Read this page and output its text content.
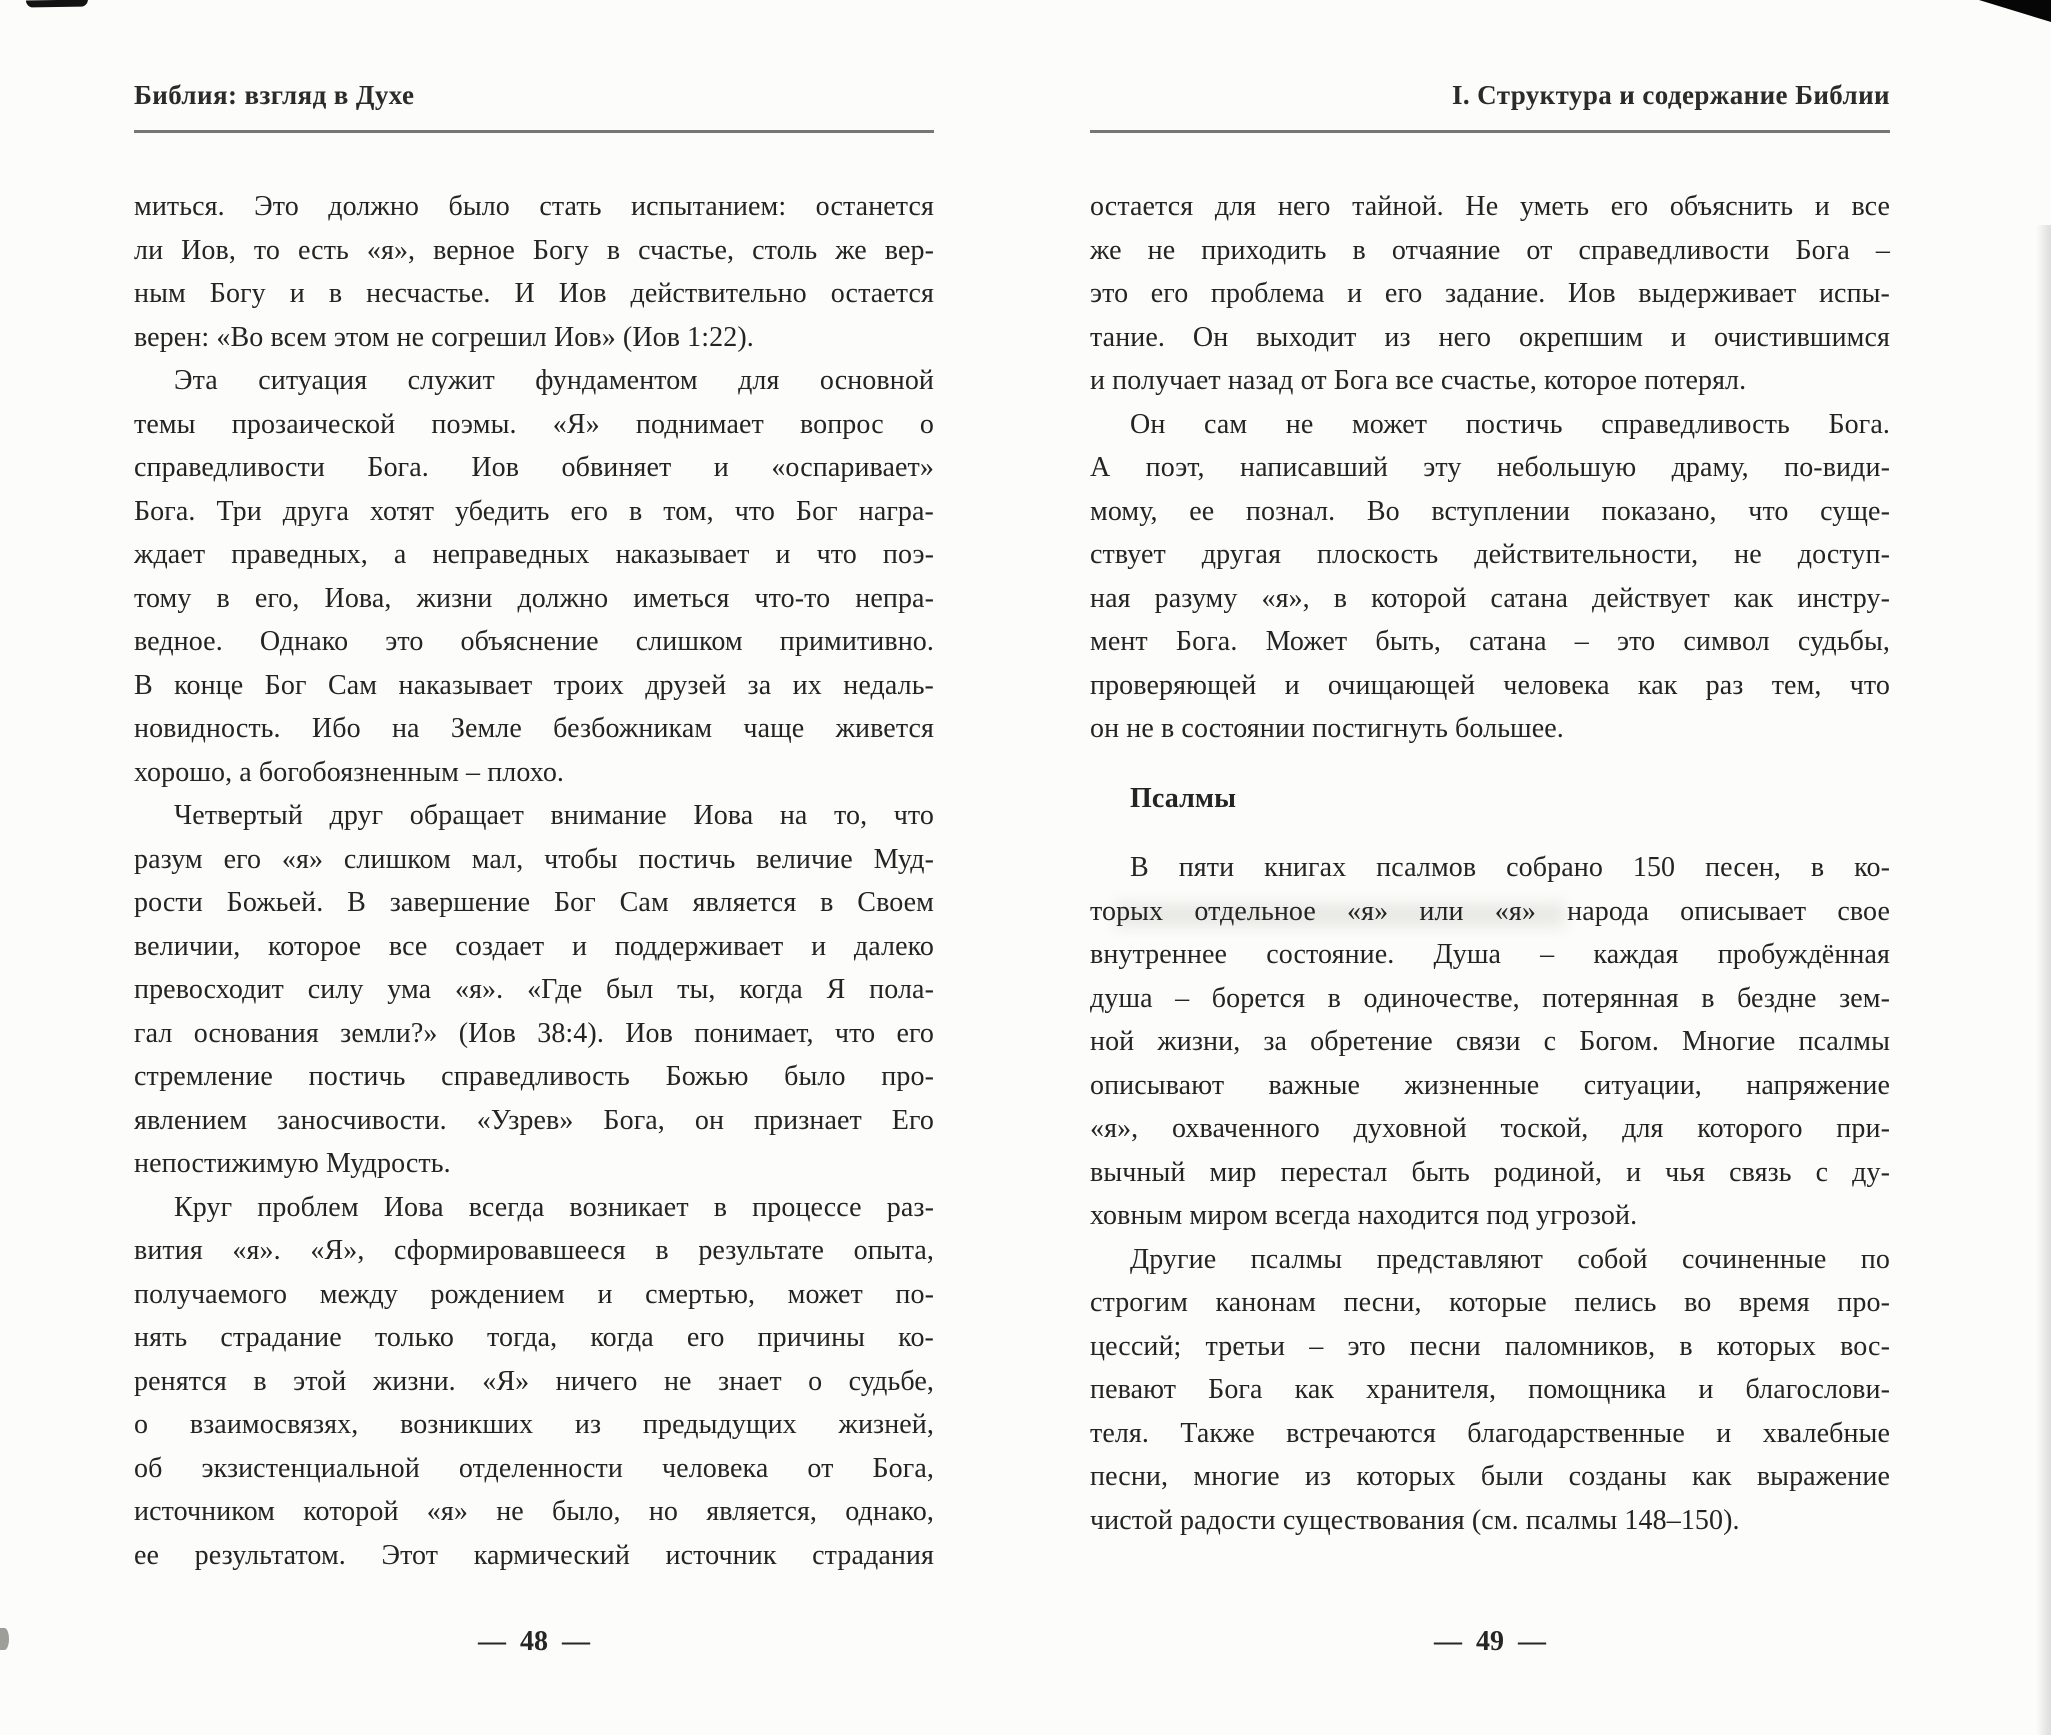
Библия: взгляд в Духе
миться. Это должно было стать испытанием: останется
ли Иов, то есть «я», верное Богу в счастье, столь же вер-
ным Богу и в несчастье. И Иов действительно остается
верен: «Во всем этом не согрешил Иов» (Иов 1:22).
Эта ситуация служит фундаментом для основной
темы прозаической поэмы. «Я» поднимает вопрос о
справедливости Бога. Иов обвиняет и «оспаривает»
Бога. Три друга хотят убедить его в том, что Бог награ-
ждает праведных, а неправедных наказывает и что поэ-
тому в его, Иова, жизни должно иметься что-то непра-
ведное. Однако это объяснение слишком примитивно.
В конце Бог Сам наказывает троих друзей за их недаль-
новидность. Ибо на Земле безбожникам чаще живется
хорошо, а богобоязненным – плохо.
Четвертый друг обращает внимание Иова на то, что
разум его «я» слишком мал, чтобы постичь величие Муд-
рости Божьей. В завершение Бог Сам является в Своем
величии, которое все создает и поддерживает и далеко
превосходит силу ума «я». «Где был ты, когда Я пола-
гал основания земли?» (Иов 38:4). Иов понимает, что его
стремление постичь справедливость Божью было про-
явлением заносчивости. «Узрев» Бога, он признает Его
непостижимую Мудрость.
Круг проблем Иова всегда возникает в процессе раз-
вития «я». «Я», сформировавшееся в результате опыта,
получаемого между рождением и смертью, может по-
нять страдание только тогда, когда его причины ко-
ренятся в этой жизни. «Я» ничего не знает о судьбе,
о взаимосвязях, возникших из предыдущих жизней,
об экзистенциальной отделенности человека от Бога,
источником которой «я» не было, но является, однако,
ее результатом. Этот кармический источник страдания
— 48 —
I. Структура и содержание Библии
остается для него тайной. Не уметь его объяснить и все
же не приходить в отчаяние от справедливости Бога –
это его проблема и его задание. Иов выдерживает испы-
тание. Он выходит из него окрепшим и очистившимся
и получает назад от Бога все счастье, которое потерял.
Он сам не может постичь справедливость Бога.
А поэт, написавший эту небольшую драму, по-види-
мому, ее познал. Во вступлении показано, что суще-
ствует другая плоскость действительности, не доступ-
ная разуму «я», в которой сатана действует как инстру-
мент Бога. Может быть, сатана – это символ судьбы,
проверяющей и очищающей человека как раз тем, что
он не в состоянии постигнуть большее.
Псалмы
В пяти книгах псалмов собрано 150 песен, в ко-
торых отдельное «я» или «я» народа описывает свое
внутреннее состояние. Душа – каждая пробуждённая
душа – борется в одиночестве, потерянная в бездне зем-
ной жизни, за обретение связи с Богом. Многие псалмы
описывают важные жизненные ситуации, напряжение
«я», охваченного духовной тоской, для которого при-
вычный мир перестал быть родиной, и чья связь с ду-
ховным миром всегда находится под угрозой.
Другие псалмы представляют собой сочиненные по
строгим канонам песни, которые пелись во время про-
цессий; третьи – это песни паломников, в которых вос-
певают Бога как хранителя, помощника и благослови-
теля. Также встречаются благодарственные и хвалебные
песни, многие из которых были созданы как выражение
чистой радости существования (см. псалмы 148–150).
— 49 —
